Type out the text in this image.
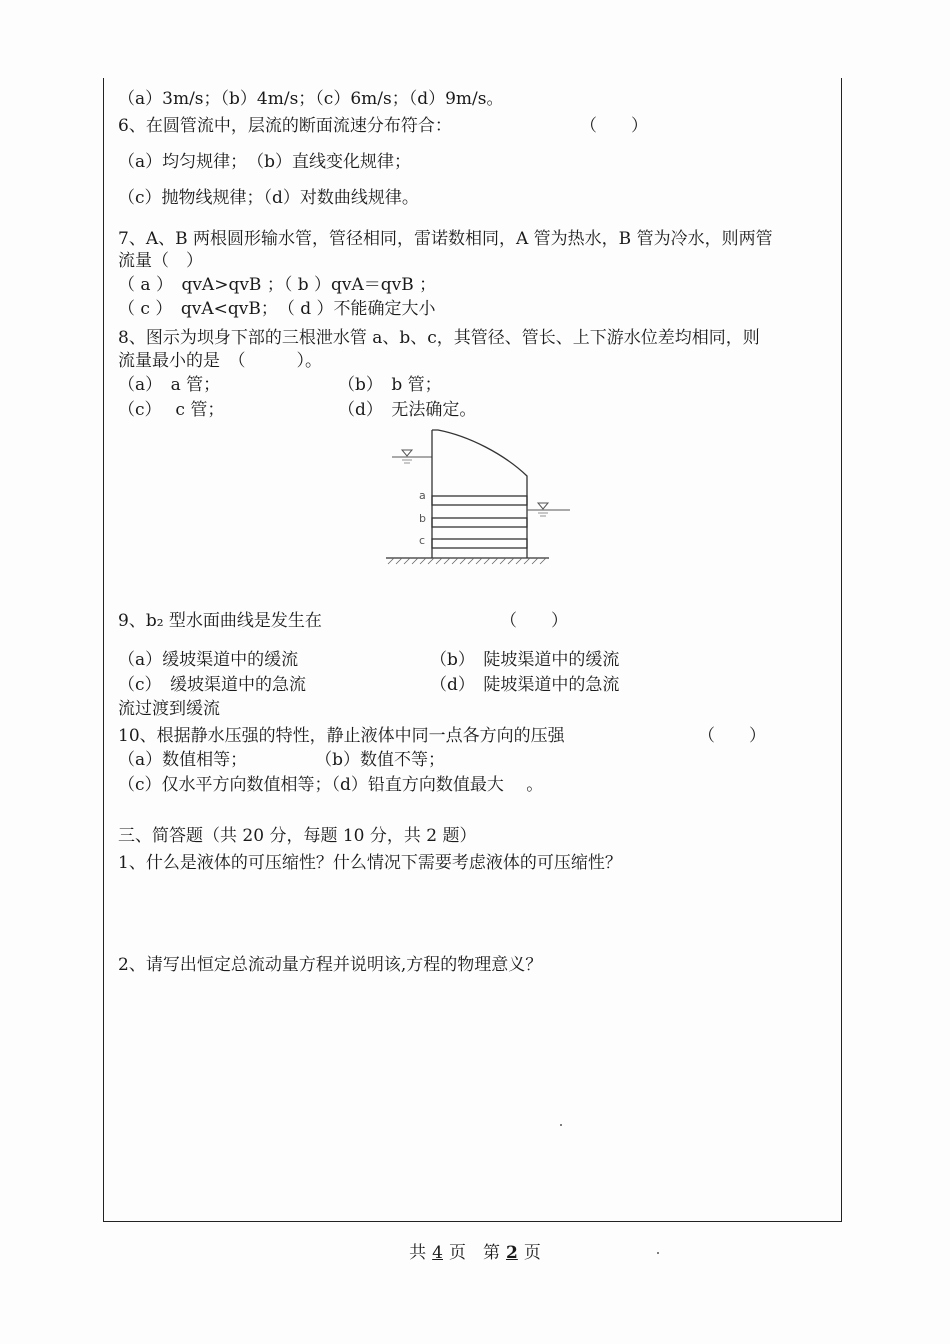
（a）3m/s；（b）4m/s；（c）6m/s；（d）9m/s。
6、在圆管流中，层流的断面流速分布符合：	（　　）
（a）均匀规律；　（b）直线变化规律；
（c）抛物线规律；（d）对数曲线规律。
7、A、B 两根圆形输水管，管径相同，雷诺数相同，A 管为热水，B 管为冷水，则两管
流量（　）
（ a ）　qvA>qvB ；（ b ）qvA＝qvB ；
（ c ）　qvA<qvB；　（ d ）不能确定大小
8、图示为坝身下部的三根泄水管 a、b、c，其管径、管长、上下游水位差均相同，则
流量最小的是　（　　　）。
（a）　a 管；	（b）　b 管；
（c）　 c 管；	（d）　无法确定。
a
b
c
9、b₂ 型水面曲线是发生在	（　　）
（a）缓坡渠道中的缓流	（b）　陡坡渠道中的缓流
（c）　缓坡渠道中的急流	（d）　陡坡渠道中的急流
流过渡到缓流
10、根据静水压强的特性，静止液体中同一点各方向的压强	（　　）
（a）数值相等；　　　　　（b）数值不等；
（c）仅水平方向数值相等；（d）铅直方向数值最大　 。
三、简答题（共 20 分，每题 10 分，共 2 题）
1、什么是液体的可压缩性？什么情况下需要考虑液体的可压缩性？
2、请写出恒定总流动量方程并说明该,方程的物理意义？
共 4 页　第 2 页
